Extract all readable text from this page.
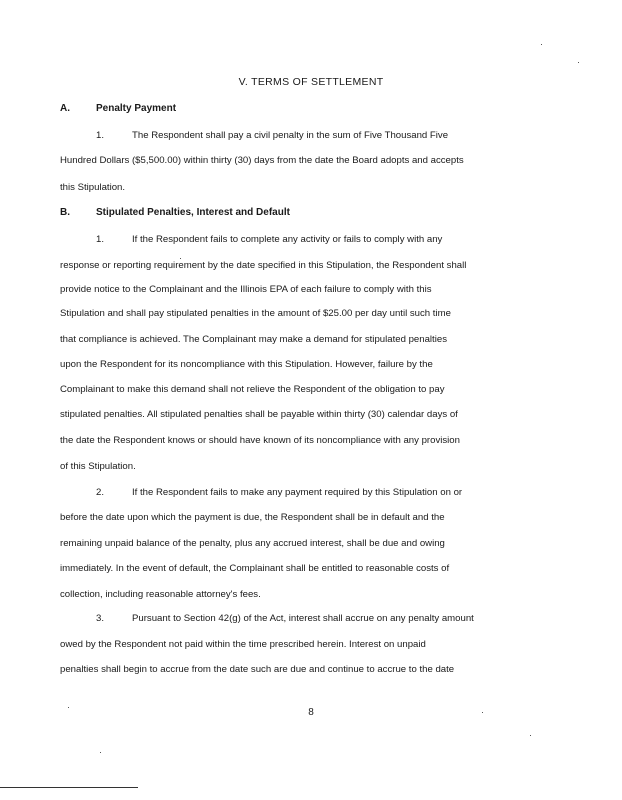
V. TERMS OF SETTLEMENT
A.	Penalty Payment
1.	The Respondent shall pay a civil penalty in the sum of Five Thousand Five
Hundred Dollars ($5,500.00) within thirty (30) days from the date the Board adopts and accepts
this Stipulation.
B.	Stipulated Penalties, Interest and Default
1.	If the Respondent fails to complete any activity or fails to comply with any
response or reporting requirement by the date specified in this Stipulation, the Respondent shall
provide notice to the Complainant and the Illinois EPA of each failure to comply with this
Stipulation and shall pay stipulated penalties in the amount of $25.00 per day until such time
that compliance is achieved. The Complainant may make a demand for stipulated penalties
upon the Respondent for its noncompliance with this Stipulation. However, failure by the
Complainant to make this demand shall not relieve the Respondent of the obligation to pay
stipulated penalties. All stipulated penalties shall be payable within thirty (30) calendar days of
the date the Respondent knows or should have known of its noncompliance with any provision
of this Stipulation.
2.	If the Respondent fails to make any payment required by this Stipulation on or
before the date upon which the payment is due, the Respondent shall be in default and the
remaining unpaid balance of the penalty, plus any accrued interest, shall be due and owing
immediately. In the event of default, the Complainant shall be entitled to reasonable costs of
collection, including reasonable attorney's fees.
3.	Pursuant to Section 42(g) of the Act, interest shall accrue on any penalty amount
owed by the Respondent not paid within the time prescribed herein. Interest on unpaid
penalties shall begin to accrue from the date such are due and continue to accrue to the date
8
